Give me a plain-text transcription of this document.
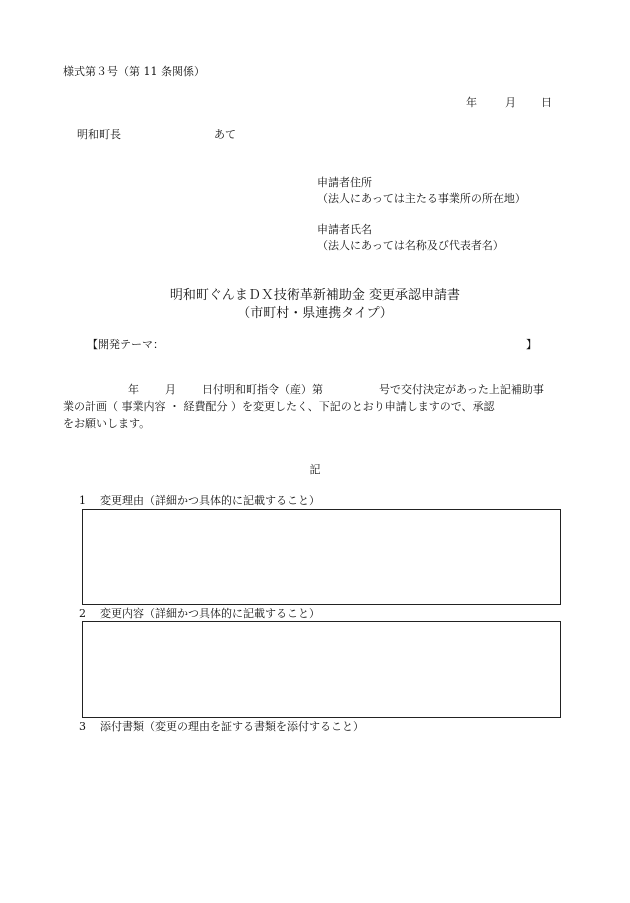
様式第３号（第 11 条関係）
年	月 日
明和町長	あて
申請者住所
（法人にあっては主たる事業所の所在地）
申請者氏名
（法人にあっては名称及び代表者名）
明和町ぐんまＤＸ技術革新補助金 変更承認申請書
（市町村・県連携タイプ）
【開発テーマ：	】
年 月 日付明和町指令（産）第	号で交付決定があった上記補助事
業の計画（ 事業内容 ・ 経費配分 ）を変更したく、下記のとおり申請しますので、承認
をお願いします。
記
1 変更理由（詳細かつ具体的に記載すること）
2 変更内容（詳細かつ具体的に記載すること）
3 添付書類（変更の理由を証する書類を添付すること）
